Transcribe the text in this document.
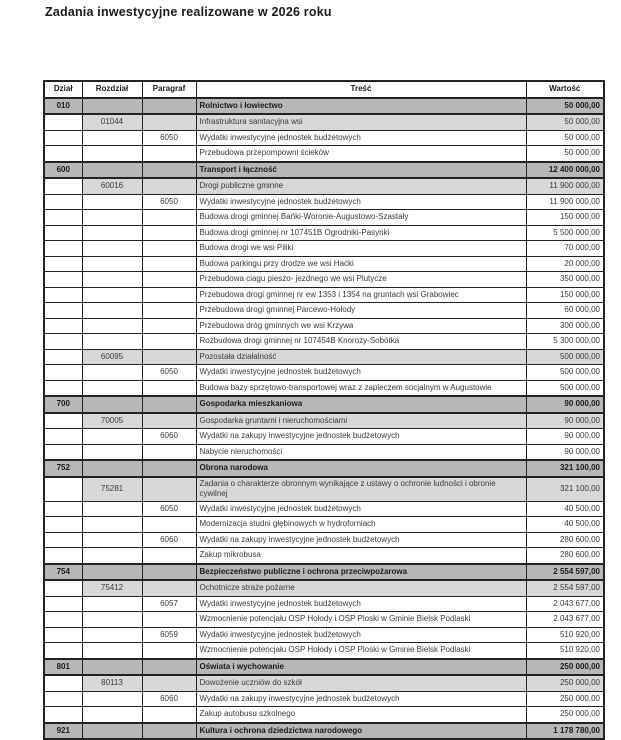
Zadania inwestycyjne realizowane w 2026 roku
Dział	Rozdział	Paragraf	Treść	Wartość
010			Rolnictwo i łowiectwo	50 000,00
	01044		Infrastruktura sanitacyjna wsi	50 000,00
		6050	Wydatki inwestycyjne jednostek budżetowych	50 000,00
			Przebudowa przepompowni ścieków	50 000,00
600			Transport i łączność	12 400 000,00
	60016		Drogi publiczne gminne	11 900 000,00
		6050	Wydatki inwestycyjne jednostek budżetowych	11 900 000,00
			Budowa drogi gminnej Bańki-Woronie-Augustowo-Szastały	150 000,00
			Budowa drogi gminnej nr 107451B Ogrodniki-Pasynki	5 500 000,00
			Budowa drogi we wsi Piliki	70 000,00
			Budowa parkingu przy drodze we wsi Haćki	20 000,00
			Przebudowa ciagu pieszo- jezdnego we wsi Plutycze	350 000,00
			Przebudowa drogi gminnej nr ew 1353 i 1354 na gruntach wsi Grabowiec	150 000,00
			Przebudowa drogi gminnej Parcewo-Hołody	60 000,00
			Przebudowa dróg gminnych we wsi Krzywa	300 000,00
			Rozbudowa drogi gminnej nr 107454B Knorozy-Sobótka	5 300 000,00
	60095		Pozostała działalność	500 000,00
		6050	Wydatki inwestycyjne jednostek budżetowych	500 000,00
			Budowa bazy sprzętowo-transportowej wraz z zapleczem socjalnym w Augustowie	500 000,00
700			Gospodarka mieszkaniowa	90 000,00
	70005		Gospodarka gruntami i nieruchomościami	90 000,00
		6060	Wydatki na zakupy inwestycyjne jednostek budżetowych	90 000,00
			Nabycie nieruchomości	90 000,00
752			Obrona narodowa	321 100,00
	75281		Zadania o charakterze obronnym wynikające z ustawy o ochronie ludności i obronie cywilnej	321 100,00
		6050	Wydatki inwestycyjne jednostek budżetowych	40 500,00
			Modernizacja studni głębinowych w hydroforniach	40 500,00
		6060	Wydatki na zakupy inwestycyjne jednostek budżetowych	280 600,00
			Zakup mikrobusa	280 600,00
754			Bezpieczeństwo publiczne i ochrona przeciwpożarowa	2 554 597,00
	75412		Ochotnicze straże pożarne	2 554 597,00
		6057	Wydatki inwestycyjne jednostek budżetowych	2 043 677,00
			Wzmocnienie potencjału OSP Hołody i OSP Ploski w Gminie Bielsk Podlaski	2 043 677,00
		6059	Wydatki inwestycyjne jednostek budżetowych	510 920,00
			Wzmocnienie potencjału OSP Hołody i OSP Ploski w Gminie Bielsk Podlaski	510 920,00
801			Oświata i wychowanie	250 000,00
	80113		Dowożenie uczniów do szkół	250 000,00
		6060	Wydatki na zakupy inwestycyjne jednostek budżetowych	250 000,00
			Zakup autobusu szkolnego	250 000,00
921			Kultura i ochrona dziedzictwa narodowego	1 178 780,00
